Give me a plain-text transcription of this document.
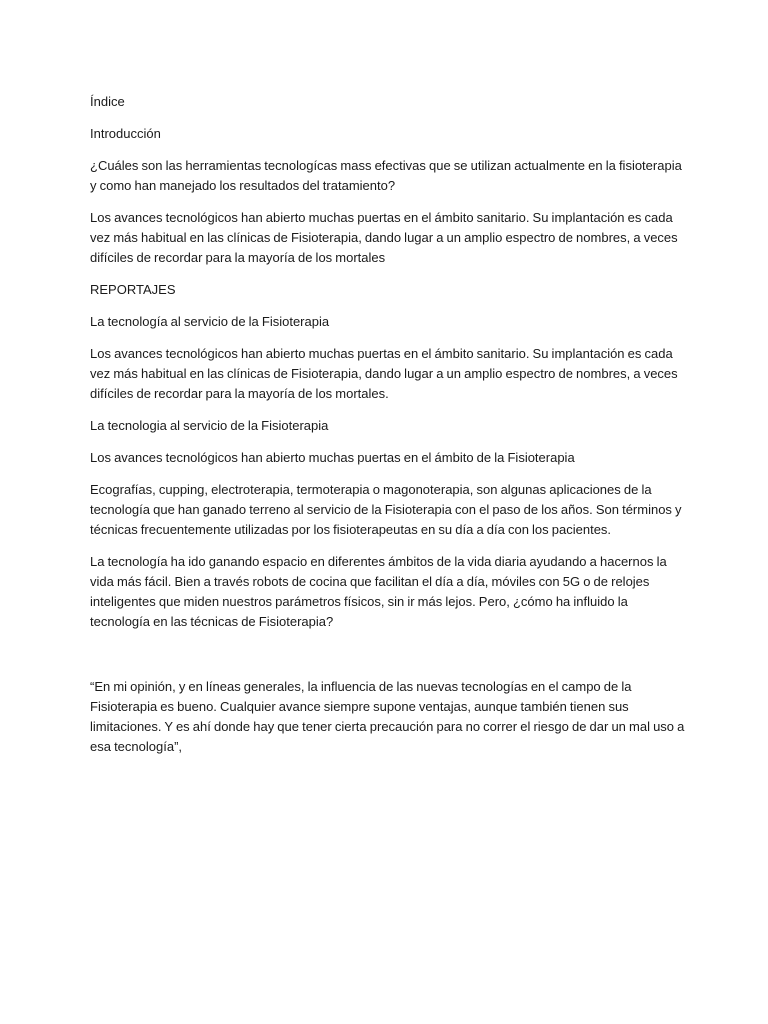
Índice

Introducción

¿Cuáles son las herramientas tecnologícas mass efectivas que se utilizan actualmente en la fisioterapia y como han manejado los resultados del tratamiento?

Los avances tecnológicos han abierto muchas puertas en el ámbito sanitario. Su implantación es cada vez más habitual en las clínicas de Fisioterapia, dando lugar a un amplio espectro de nombres, a veces difíciles de recordar para la mayoría de los mortales

REPORTAJES

La tecnología al servicio de la Fisioterapia

Los avances tecnológicos han abierto muchas puertas en el ámbito sanitario. Su implantación es cada vez más habitual en las clínicas de Fisioterapia, dando lugar a un amplio espectro de nombres, a veces difíciles de recordar para la mayoría de los mortales.

La tecnologia al servicio de la Fisioterapia

Los avances tecnológicos han abierto muchas puertas en el ámbito de la Fisioterapia

Ecografías, cupping, electroterapia, termoterapia o magonoterapia, son algunas aplicaciones de la tecnología que han ganado terreno al servicio de la Fisioterapia con el paso de los años. Son términos y técnicas frecuentemente utilizadas por los fisioterapeutas en su día a día con los pacientes.

La tecnología ha ido ganando espacio en diferentes ámbitos de la vida diaria ayudando a hacernos la vida más fácil. Bien a través robots de cocina que facilitan el día a día, móviles con 5G o de relojes inteligentes que miden nuestros parámetros físicos, sin ir más lejos. Pero, ¿cómo ha influido la tecnología en las técnicas de Fisioterapia?

“En mi opinión, y en líneas generales, la influencia de las nuevas tecnologías en el campo de la Fisioterapia es bueno. Cualquier avance siempre supone ventajas, aunque también tienen sus limitaciones. Y es ahí donde hay que tener cierta precaución para no correr el riesgo de dar un mal uso a esa tecnología”,
